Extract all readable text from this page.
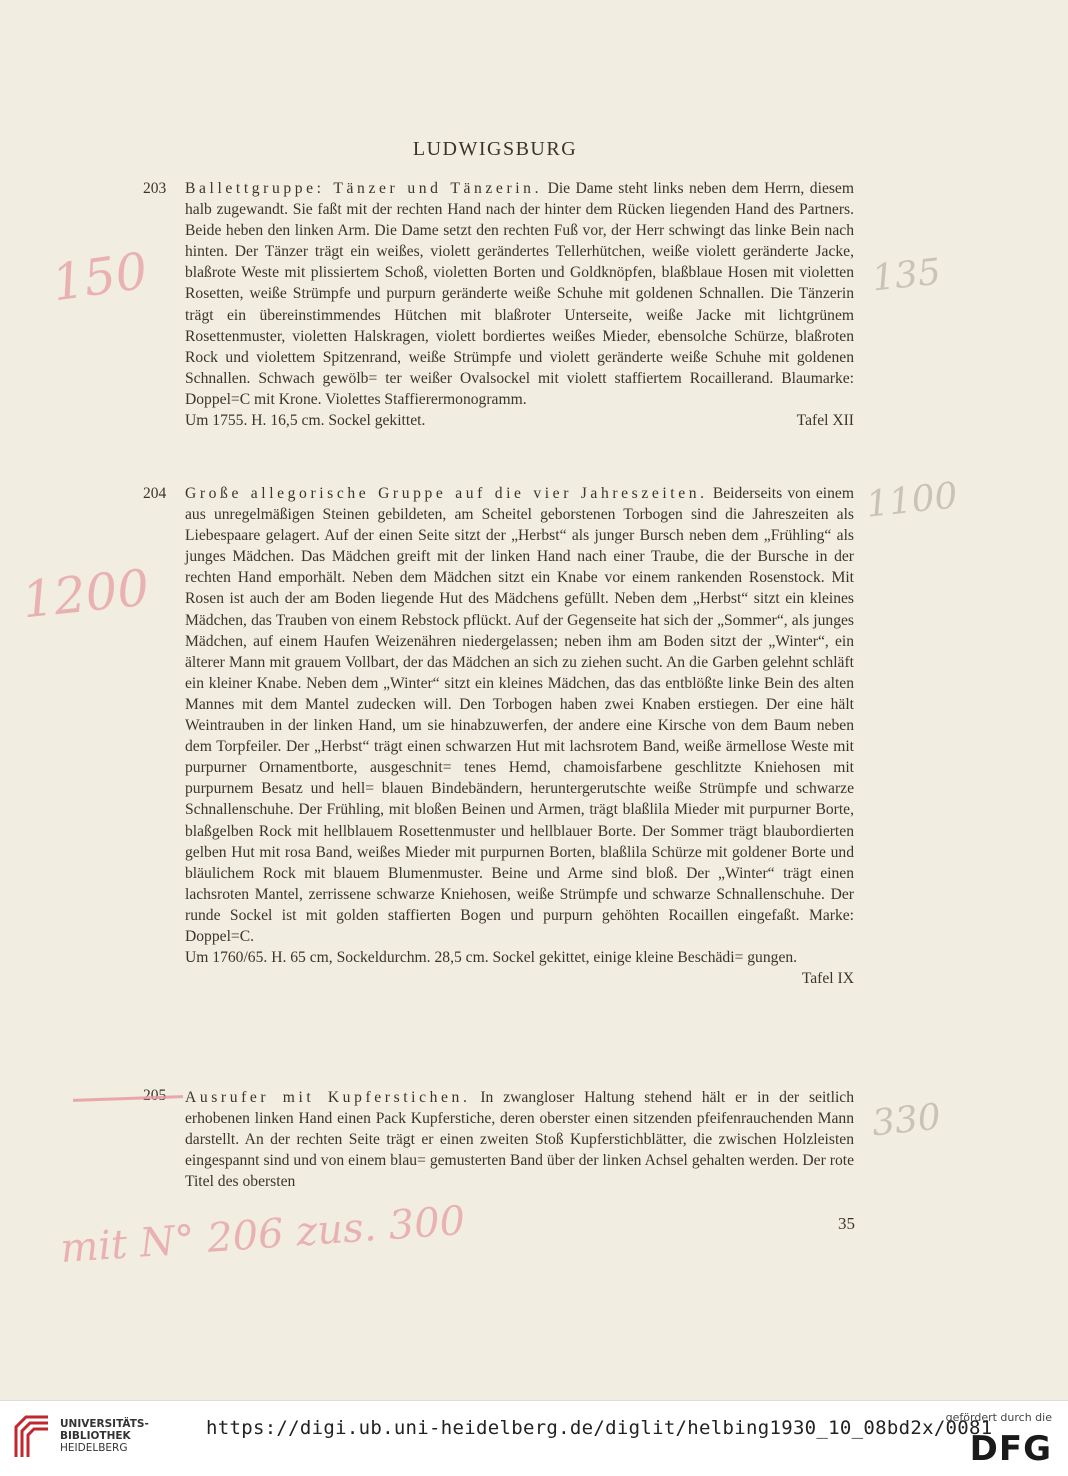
LUDWIGSBURG
203 Ballettgruppe: Tänzer und Tänzerin. Die Dame steht links neben dem Herrn, diesem halb zugewandt. Sie faßt mit der rechten Hand nach der hinter dem Rücken liegenden Hand des Partners. Beide heben den linken Arm. Die Dame setzt den rechten Fuß vor, der Herr schwingt das linke Bein nach hinten. Der Tänzer trägt ein weißes, violett gerändertes Tellerhütchen, weiße violett geränderte Jacke, blaßrote Weste mit plissiertem Schoß, violetten Borten und Goldknöpfen, blaßblaue Hosen mit violetten Rosetten, weiße Strümpfe und purpurn geränderte weiße Schuhe mit goldenen Schnallen. Die Tänzerin trägt ein übereinstimmendes Hütchen mit blaßroter Unterseite, weiße Jacke mit lichtgrünem Rosettenmuster, violetten Halskragen, violett bordiertes weißes Mieder, ebensolche Schürze, blaßroten Rock und violettem Spitzenrand, weiße Strümpfe und violett geränderte weiße Schuhe mit goldenen Schnallen. Schwach gewölb= ter weißer Ovalsockel mit violett staffiertem Rocaillerand. Blaumarke: Doppel=C mit Krone. Violettes Staffierermonogramm.
Um 1755. H. 16,5 cm. Sockel gekittet.	Tafel XII
204 Große allegorische Gruppe auf die vier Jahreszeiten. Beiderseits von einem aus unregelmäßigen Steinen gebildeten, am Scheitel geborstenen Torbogen sind die Jahreszeiten als Liebespaare gelagert. Auf der einen Seite sitzt der „Herbst“ als junger Bursch neben dem „Frühling“ als junges Mädchen. Das Mädchen greift mit der linken Hand nach einer Traube, die der Bursche in der rechten Hand emporhält. Neben dem Mädchen sitzt ein Knabe vor einem rankenden Rosenstock. Mit Rosen ist auch der am Boden liegende Hut des Mädchens gefüllt. Neben dem „Herbst“ sitzt ein kleines Mädchen, das Trauben von einem Rebstock pflückt. Auf der Gegenseite hat sich der „Sommer“, als junges Mädchen, auf einem Haufen Weizenähren niedergelassen; neben ihm am Boden sitzt der „Winter“, ein älterer Mann mit grauem Vollbart, der das Mädchen an sich zu ziehen sucht. An die Garben gelehnt schläft ein kleiner Knabe. Neben dem „Winter“ sitzt ein kleines Mädchen, das das entblößte linke Bein des alten Mannes mit dem Mantel zudecken will. Den Torbogen haben zwei Knaben erstiegen. Der eine hält Weintrauben in der linken Hand, um sie hinabzuwerfen, der andere eine Kirsche von dem Baum neben dem Torpfeiler. Der „Herbst“ trägt einen schwarzen Hut mit lachsrotem Band, weiße ärmellose Weste mit purpurner Ornamentborte, ausgeschnit= tenes Hemd, chamoisfarbene geschlitzte Kniehosen mit purpurnem Besatz und hell= blauen Bindebändern, heruntergerutschte weiße Strümpfe und schwarze Schnallenschuhe. Der Frühling, mit bloßen Beinen und Armen, trägt blaßlila Mieder mit purpurner Borte, blaßgelben Rock mit hellblauem Rosettenmuster und hellblauer Borte. Der Sommer trägt blaubordierten gelben Hut mit rosa Band, weißes Mieder mit purpurnen Borten, blaßlila Schürze mit goldener Borte und bläulichem Rock mit blauem Blumenmuster. Beine und Arme sind bloß. Der „Winter“ trägt einen lachsroten Mantel, zerrissene schwarze Kniehosen, weiße Strümpfe und schwarze Schnallenschuhe. Der runde Sockel ist mit golden staffierten Bogen und purpurn gehöhten Rocaillen eingefaßt. Marke: Doppel=C.
Um 1760/65. H. 65 cm, Sockeldurchm. 28,5 cm. Sockel gekittet, einige kleine Beschädi= gungen.
Tafel IX
Ausrufer mit Kupferstichen. In zwangloser Haltung stehend hält er in der seitlich erhobenen linken Hand einen Pack Kupferstiche, deren oberster einen sitzenden pfeifenrauchenden Mann darstellt. An der rechten Seite trägt er einen zweiten Stoß Kupferstichblätter, die zwischen Holzleisten eingespannt sind und von einem blau= gemusterten Band über der linken Achsel gehalten werden. Der rote Titel des obersten
35
150	135
1200
1100
330
mit N° 206 zus. 300
UNIVERSITÄTS-
BIBLIOTHEK
HEIDELBERG
https://digi.ub.uni-heidelberg.de/diglit/helbing1930_10_08bd2x/0081
gefördert durch die
DFG
